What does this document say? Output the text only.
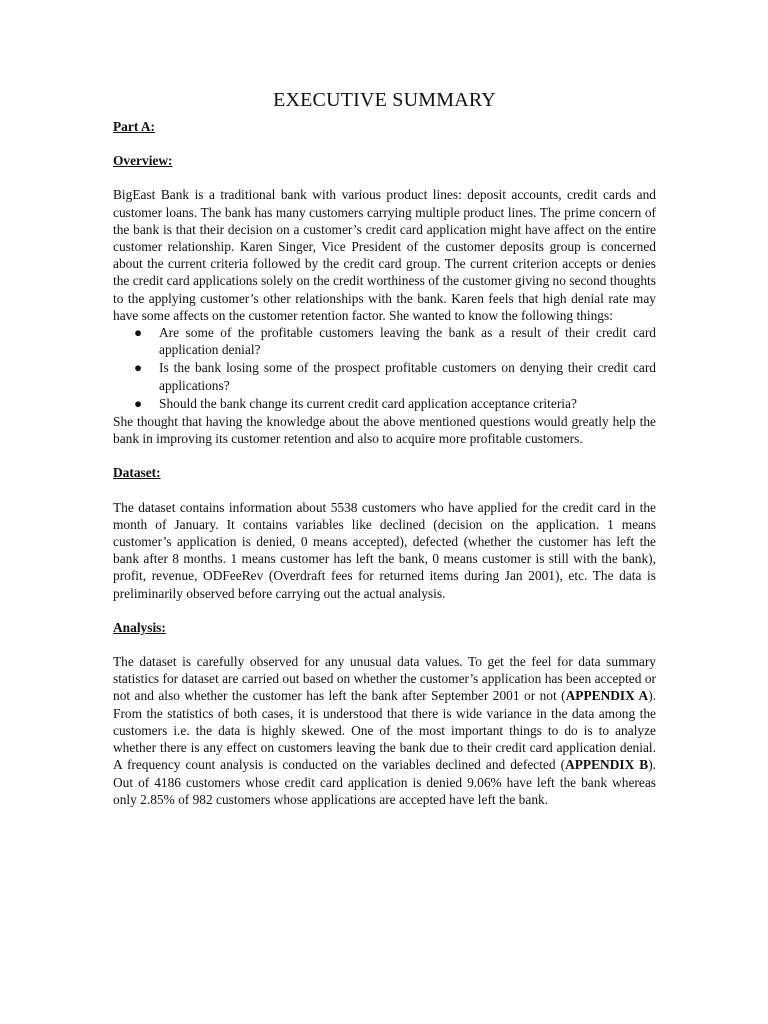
EXECUTIVE SUMMARY
Part A:
Overview:

BigEast Bank is a traditional bank with various product lines: deposit accounts, credit cards and customer loans. The bank has many customers carrying multiple product lines. The prime concern of the bank is that their decision on a customer’s credit card application might have affect on the entire customer relationship. Karen Singer, Vice President of the customer deposits group is concerned about the current criteria followed by the credit card group. The current criterion accepts or denies the credit card applications solely on the credit worthiness of the customer giving no second thoughts to the applying customer’s other relationships with the bank. Karen feels that high denial rate may have some affects on the customer retention factor. She wanted to know the following things:

● Are some of the profitable customers leaving the bank as a result of their credit card application denial?
● Is the bank losing some of the prospect profitable customers on denying their credit card applications?
● Should the bank change its current credit card application acceptance criteria?

She thought that having the knowledge about the above mentioned questions would greatly help the bank in improving its customer retention and also to acquire more profitable customers.

Dataset:

The dataset contains information about 5538 customers who have applied for the credit card in the month of January. It contains variables like declined (decision on the application. 1 means customer’s application is denied, 0 means accepted), defected (whether the customer has left the bank after 8 months. 1 means customer has left the bank, 0 means customer is still with the bank), profit, revenue, ODFeeRev (Overdraft fees for returned items during Jan 2001), etc. The data is preliminarily observed before carrying out the actual analysis.

Analysis:

The dataset is carefully observed for any unusual data values. To get the feel for data summary statistics for dataset are carried out based on whether the customer’s application has been accepted or not and also whether the customer has left the bank after September 2001 or not (APPENDIX A). From the statistics of both cases, it is understood that there is wide variance in the data among the customers i.e. the data is highly skewed. One of the most important things to do is to analyze whether there is any effect on customers leaving the bank due to their credit card application denial. A frequency count analysis is conducted on the variables declined and defected (APPENDIX B). Out of 4186 customers whose credit card application is denied 9.06% have left the bank whereas only 2.85% of 982 customers whose applications are accepted have left the bank.
